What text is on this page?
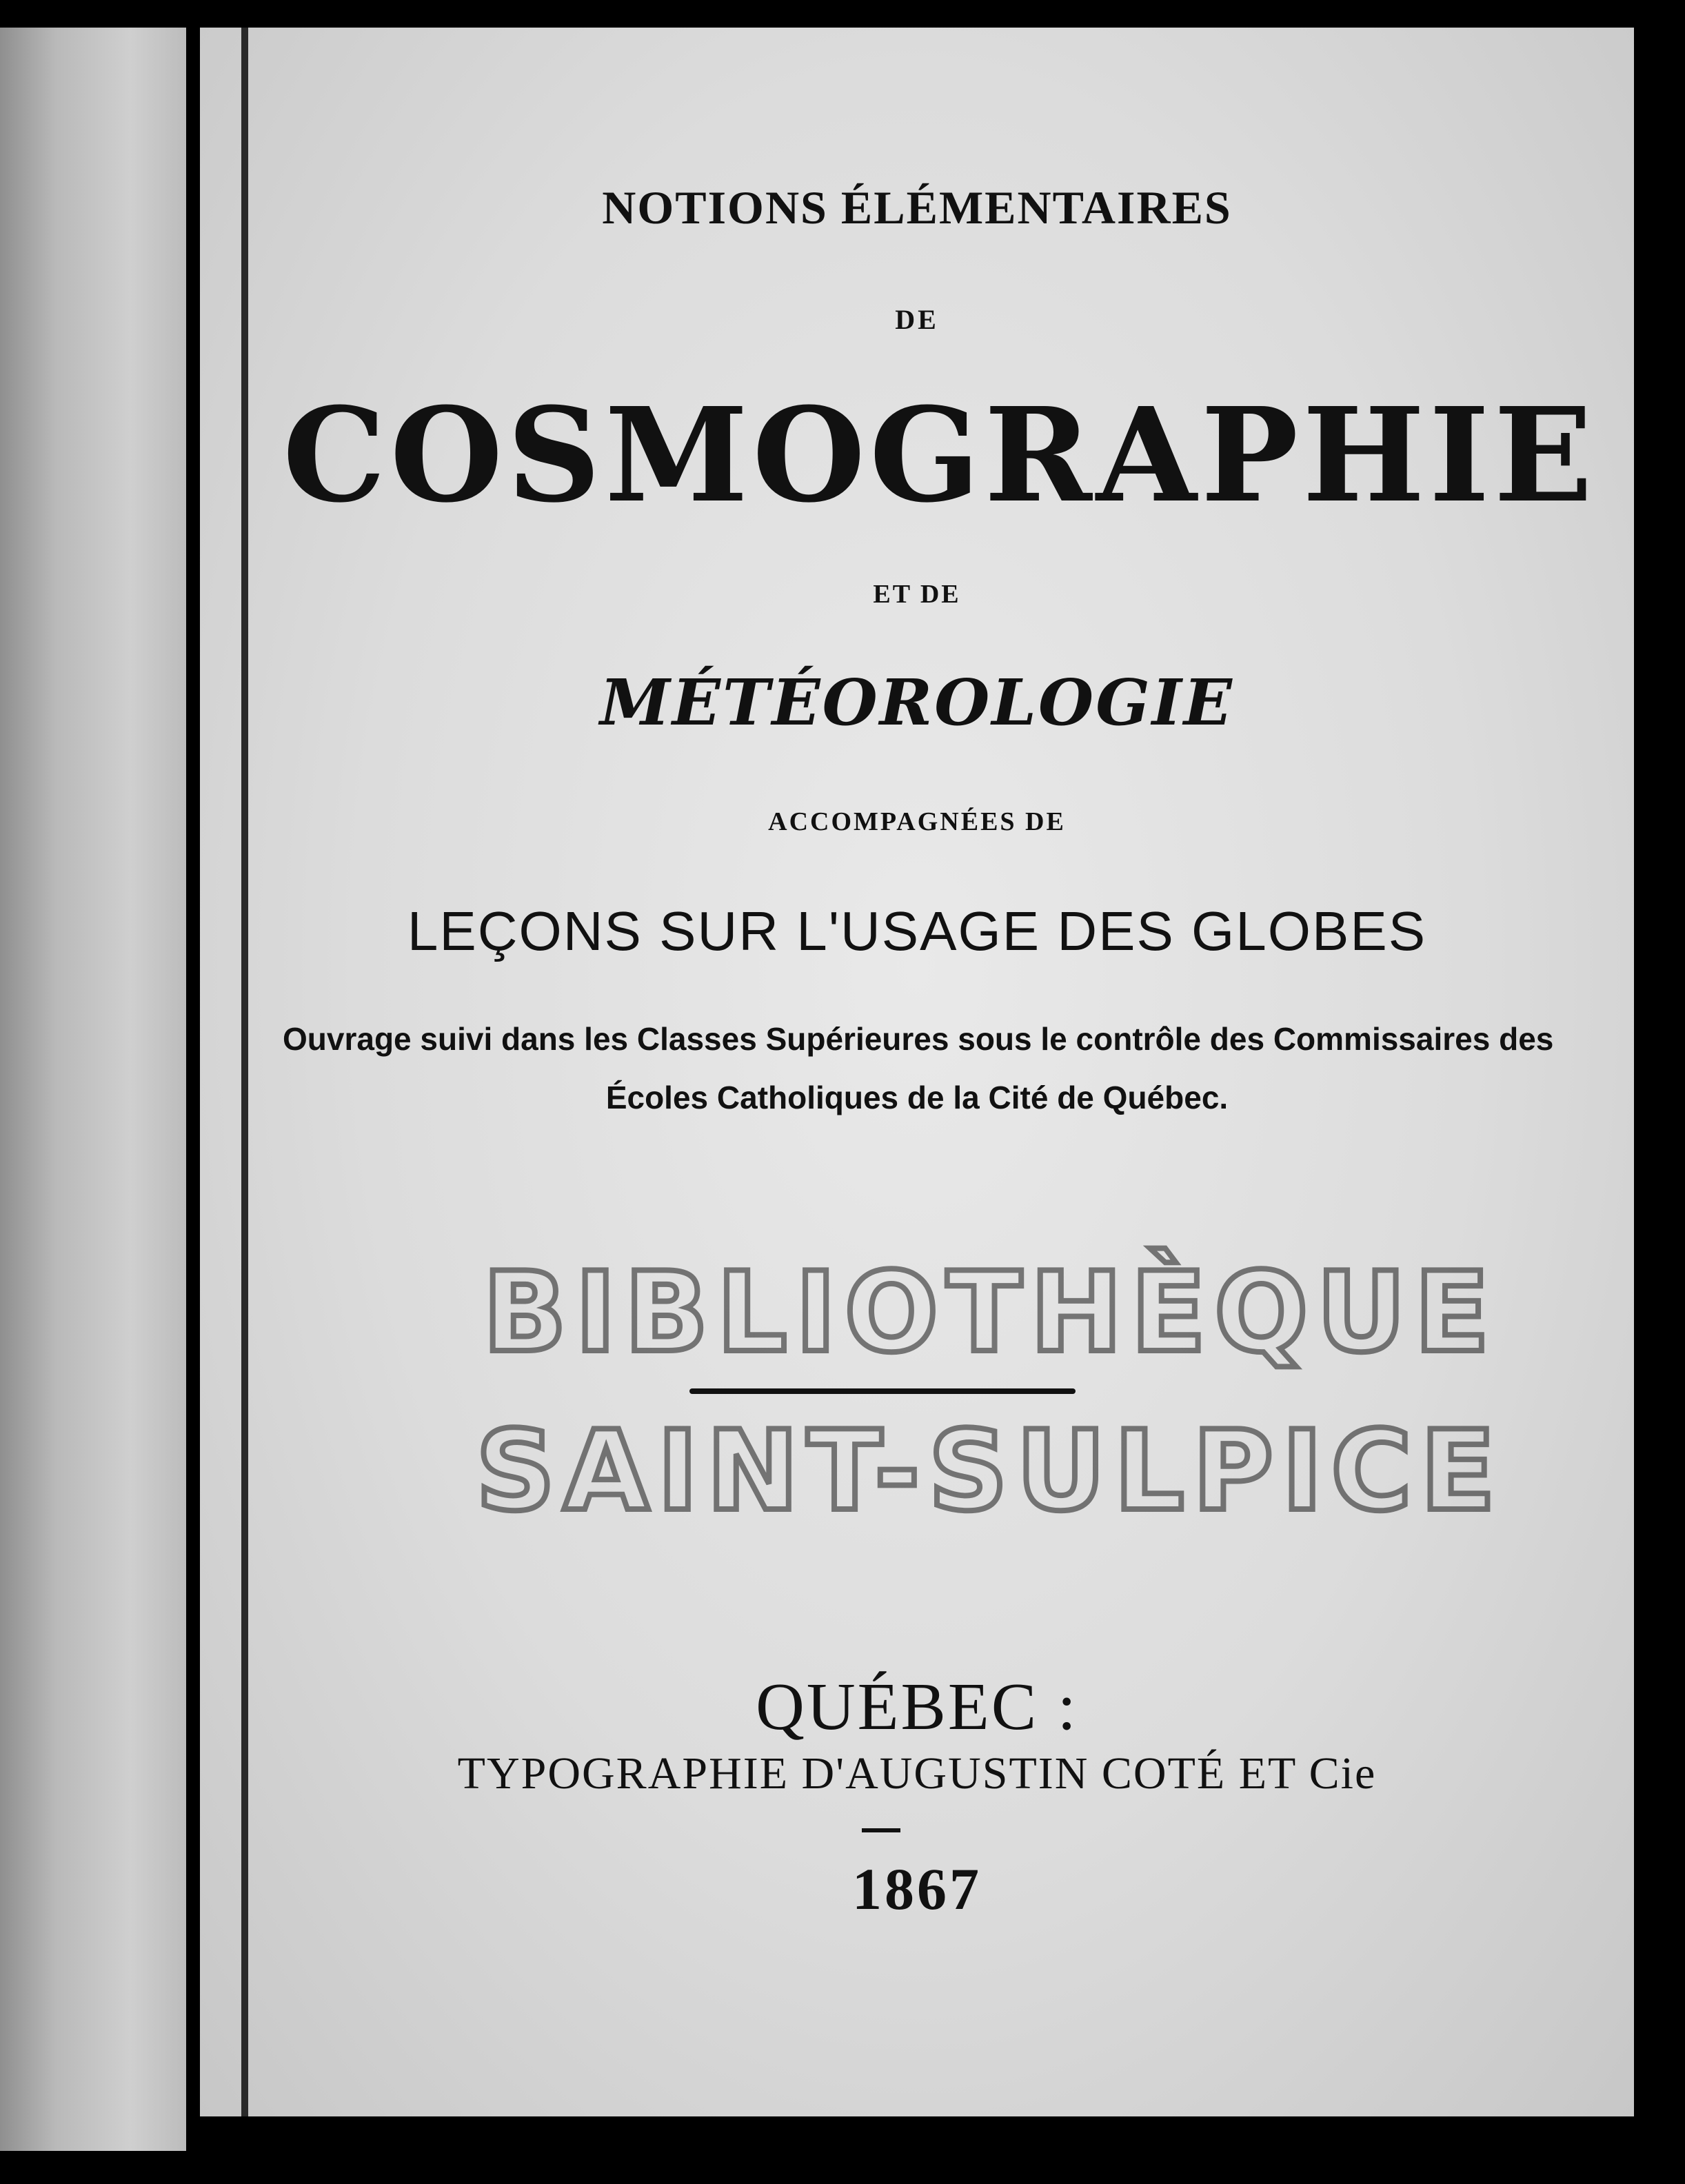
NOTIONS ÉLÉMENTAIRES
DE
COSMOGRAPHIE
ET DE
MÉTÉOROLOGIE
ACCOMPAGNÉES DE
LEÇONS SUR L'USAGE DES GLOBES
Ouvrage suivi dans les Classes Supérieures sous le contrôle des Commissaires des
Écoles Catholiques de la Cité de Québec.
BIBLIOTHÈQUE
SAINT-SULPICE
QUÉBEC :
TYPOGRAPHIE D'AUGUSTIN COTÉ ET Cie
1867
